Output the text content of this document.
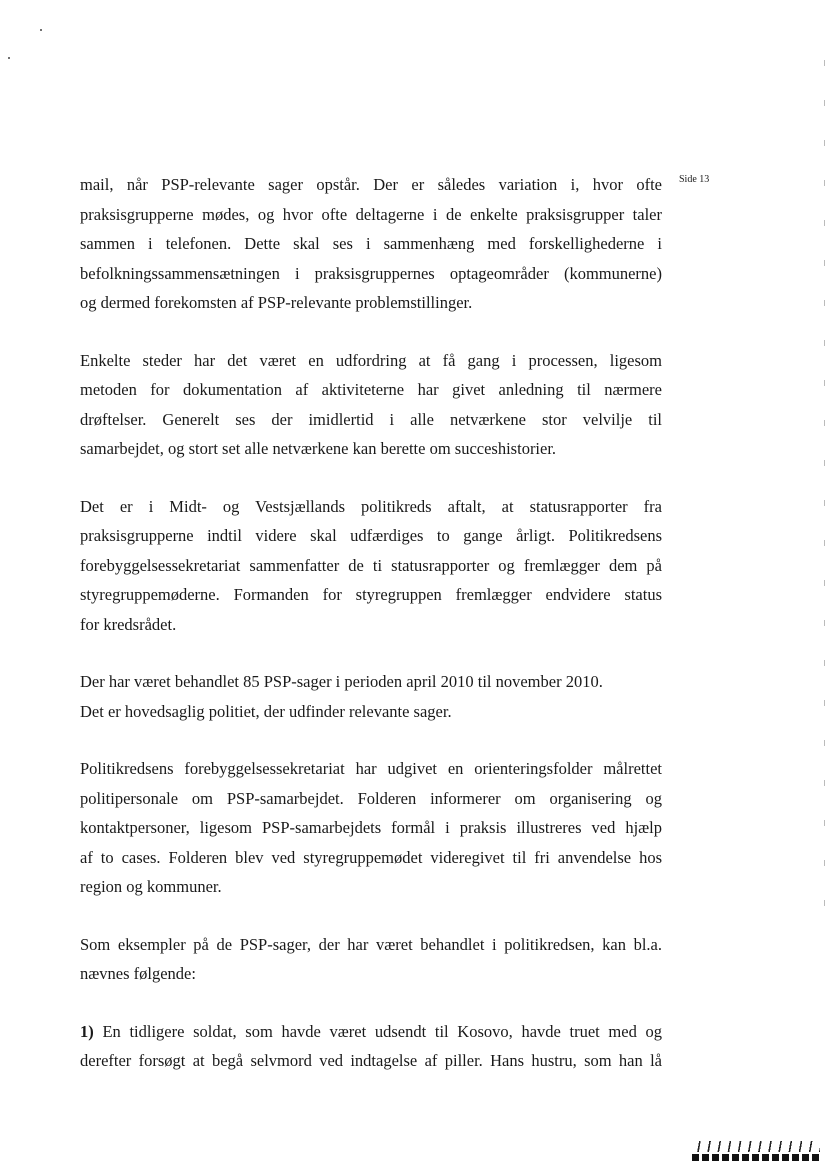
Side 13
mail, når PSP-relevante sager opstår. Der er således variation i, hvor ofte
praksisgrupperne mødes, og hvor ofte deltagerne i de enkelte praksisgrupper taler
sammen i telefonen. Dette skal ses i sammenhæng med forskellighederne i
befolkningssammensætningen i praksisgruppernes optageområder (kommunerne)
og dermed forekomsten af PSP-relevante problemstillinger.
Enkelte steder har det været en udfordring at få gang i processen, ligesom
metoden for dokumentation af aktiviteterne har givet anledning til nærmere
drøftelser. Generelt ses der imidlertid i alle netværkene stor velvilje til
samarbejdet, og stort set alle netværkene kan berette om succeshistorier.
Det er i Midt- og Vestsjællands politikreds aftalt, at statusrapporter fra
praksisgrupperne indtil videre skal udfærdiges to gange årligt. Politikredsens
forebyggelsessekretariat sammenfatter de ti statusrapporter og fremlægger dem på
styregruppemøderne. Formanden for styregruppen fremlægger endvidere status
for kredsrådet.
Der har været behandlet 85 PSP-sager i perioden april 2010 til november 2010.
Det er hovedsaglig politiet, der udfinder relevante sager.
Politikredsens forebyggelsessekretariat har udgivet en orienteringsfolder målrettet
politipersonale om PSP-samarbejdet. Folderen informerer om organisering og
kontaktpersoner, ligesom PSP-samarbejdets formål i praksis illustreres ved hjælp
af to cases. Folderen blev ved styregruppemødet videregivet til fri anvendelse hos
region og kommuner.
Som eksempler på de PSP-sager, der har været behandlet i politikredsen, kan bl.a.
nævnes følgende:
1) En tidligere soldat, som havde været udsendt til Kosovo, havde truet med og
derefter forsøgt at begå selvmord ved indtagelse af piller. Hans hustru, som han lå
